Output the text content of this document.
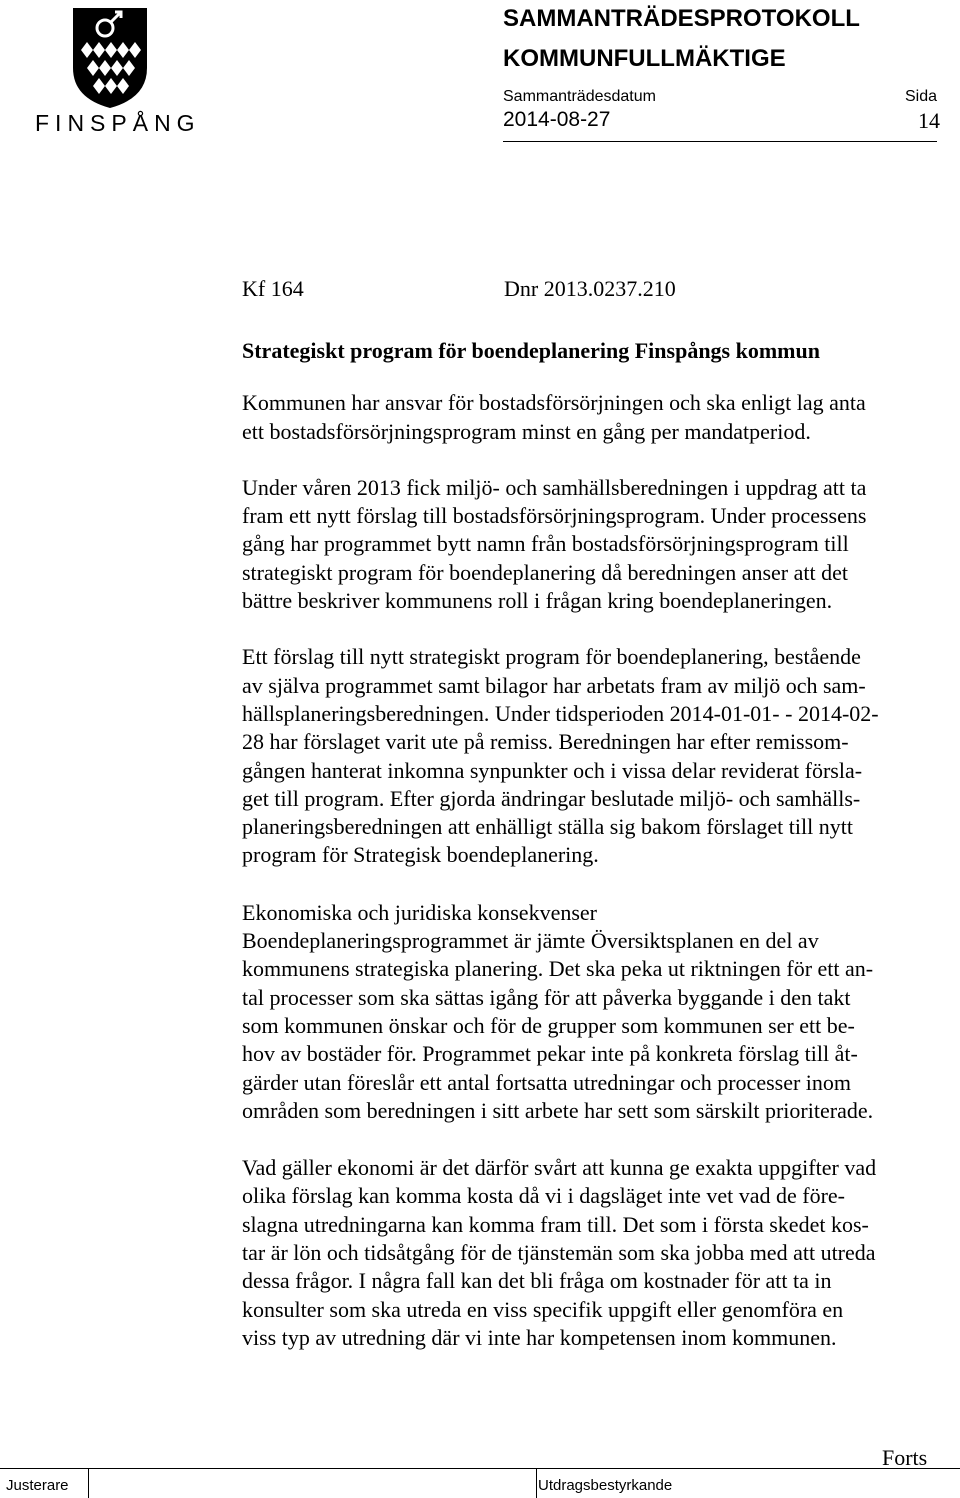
FINSPÅNG
SAMMANTRÄDESPROTOKOLL
KOMMUNFULLMÄKTIGE
Sammanträdesdatum	Sida
2014-08-27	14
Kf 164	Dnr 2013.0237.210
Strategiskt program för boendeplanering Finspångs kommun

Kommunen har ansvar för bostadsförsörjningen och ska enligt lag anta
ett bostadsförsörjningsprogram minst en gång per mandatperiod.

Under våren 2013 fick miljö- och samhällsberedningen i uppdrag att ta
fram ett nytt förslag till bostadsförsörjningsprogram. Under processens
gång har programmet bytt namn från bostadsförsörjningsprogram till
strategiskt program för boendeplanering då beredningen anser att det
bättre beskriver kommunens roll i frågan kring boendeplaneringen.

Ett förslag till nytt strategiskt program för boendeplanering, bestående
av själva programmet samt bilagor har arbetats fram av miljö och sam-
hällsplaneringsberedningen. Under tidsperioden 2014-01-01- - 2014-02-
28 har förslaget varit ute på remiss. Beredningen har efter remissom-
gången hanterat inkomna synpunkter och i vissa delar reviderat försla-
get till program. Efter gjorda ändringar beslutade miljö- och samhälls-
planeringsberedningen att enhälligt ställa sig bakom förslaget till nytt
program för Strategisk boendeplanering.

Ekonomiska och juridiska konsekvenser
Boendeplaneringsprogrammet är jämte Översiktsplanen en del av
kommunens strategiska planering. Det ska peka ut riktningen för ett an-
tal processer som ska sättas igång för att påverka byggande i den takt
som kommunen önskar och för de grupper som kommunen ser ett be-
hov av bostäder för. Programmet pekar inte på konkreta förslag till åt-
gärder utan föreslår ett antal fortsatta utredningar och processer inom
områden som beredningen i sitt arbete har sett som särskilt prioriterade.

Vad gäller ekonomi är det därför svårt att kunna ge exakta uppgifter vad
olika förslag kan komma kosta då vi i dagsläget inte vet vad de före-
slagna utredningarna kan komma fram till. Det som i första skedet kos-
tar är lön och tidsåtgång för de tjänstemän som ska jobba med att utreda
dessa frågor. I några fall kan det bli fråga om kostnader för att ta in
konsulter som ska utreda en viss specifik uppgift eller genomföra en
viss typ av utredning där vi inte har kompetensen inom kommunen.

Forts
Justerare	Utdragsbestyrkande
